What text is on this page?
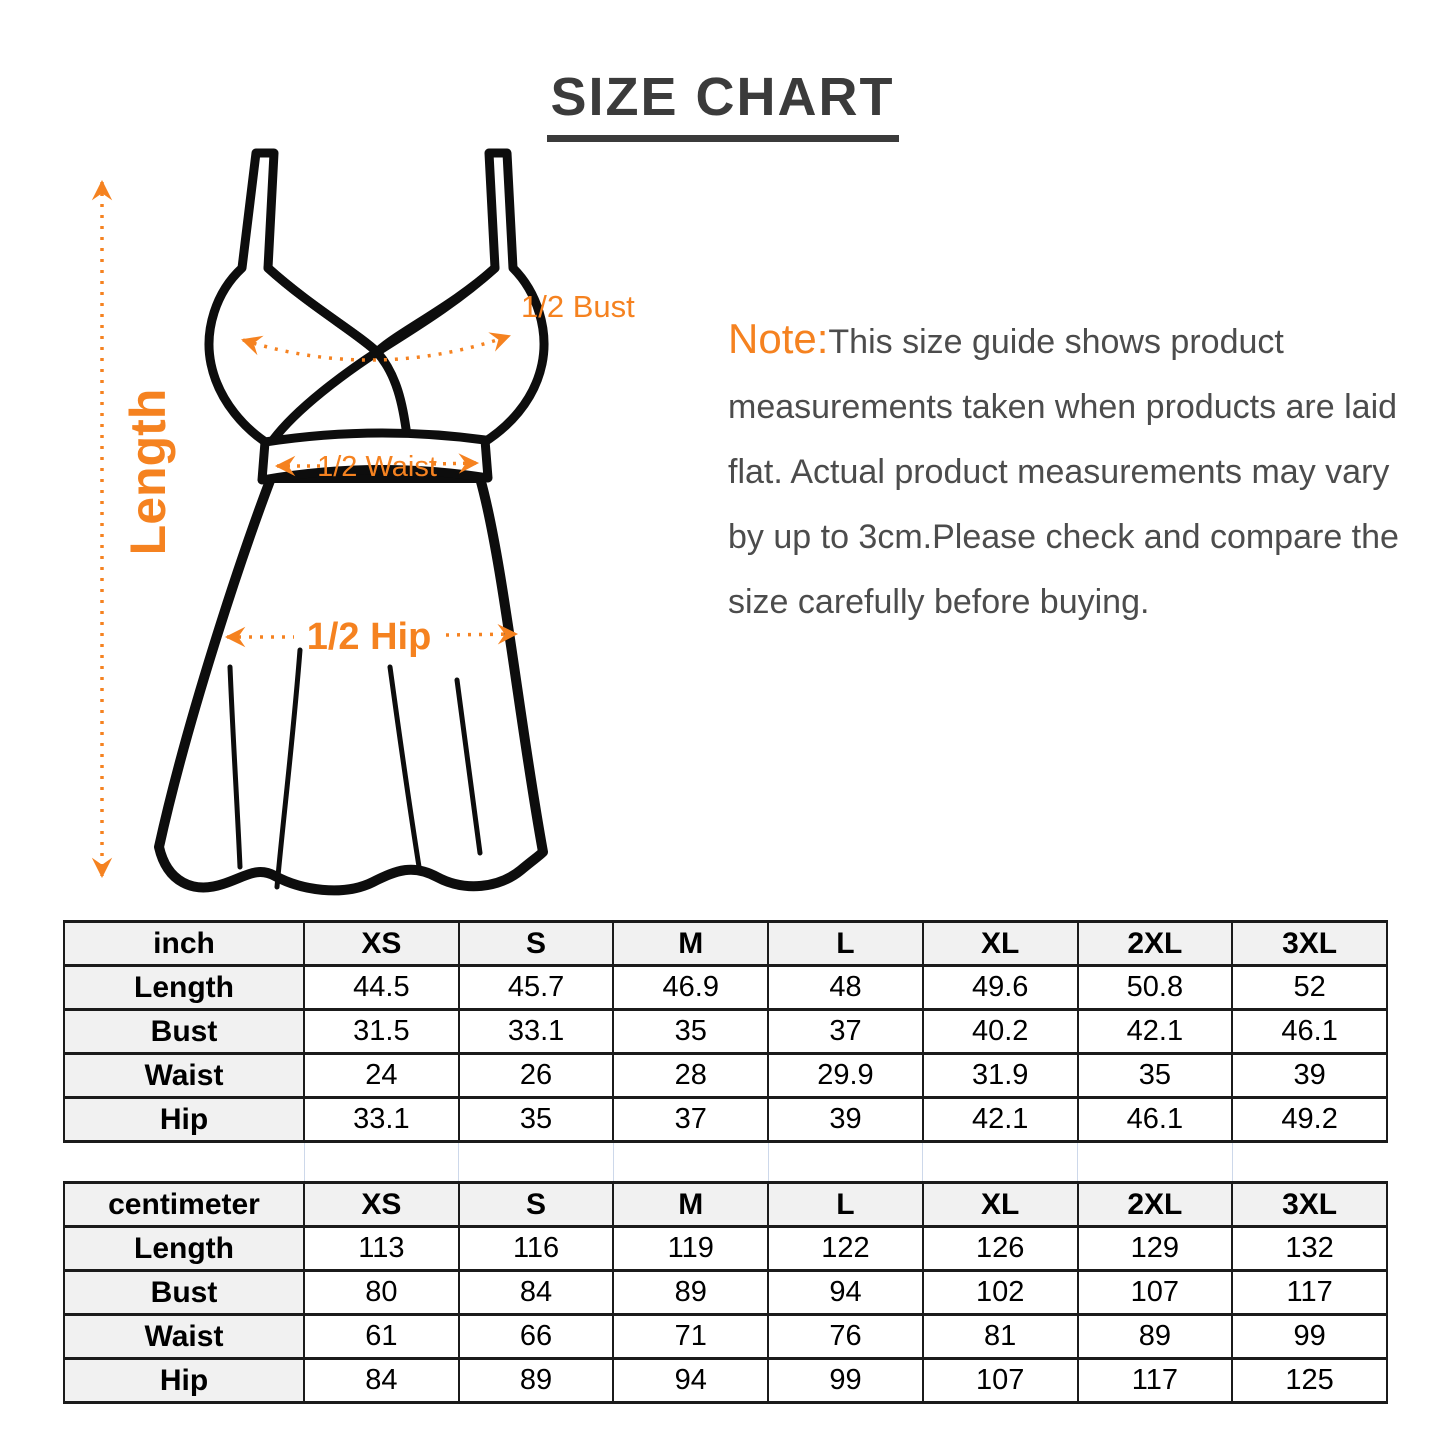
SIZE CHART
Length
1/2 Bust
1/2 Waist
1/2 Hip
Note:This size guide shows product measurements taken when products are laid flat. Actual product measurements may vary by up to 3cm.Please check and compare the size carefully before buying.
inch	XS	S	M	L	XL	2XL	3XL
Length	44.5	45.7	46.9	48	49.6	50.8	52
Bust	31.5	33.1	35	37	40.2	42.1	46.1
Waist	24	26	28	29.9	31.9	35	39
Hip	33.1	35	37	39	42.1	46.1	49.2

centimeter	XS	S	M	L	XL	2XL	3XL
Length	113	116	119	122	126	129	132
Bust	80	84	89	94	102	107	117
Waist	61	66	71	76	81	89	99
Hip	84	89	94	99	107	117	125
